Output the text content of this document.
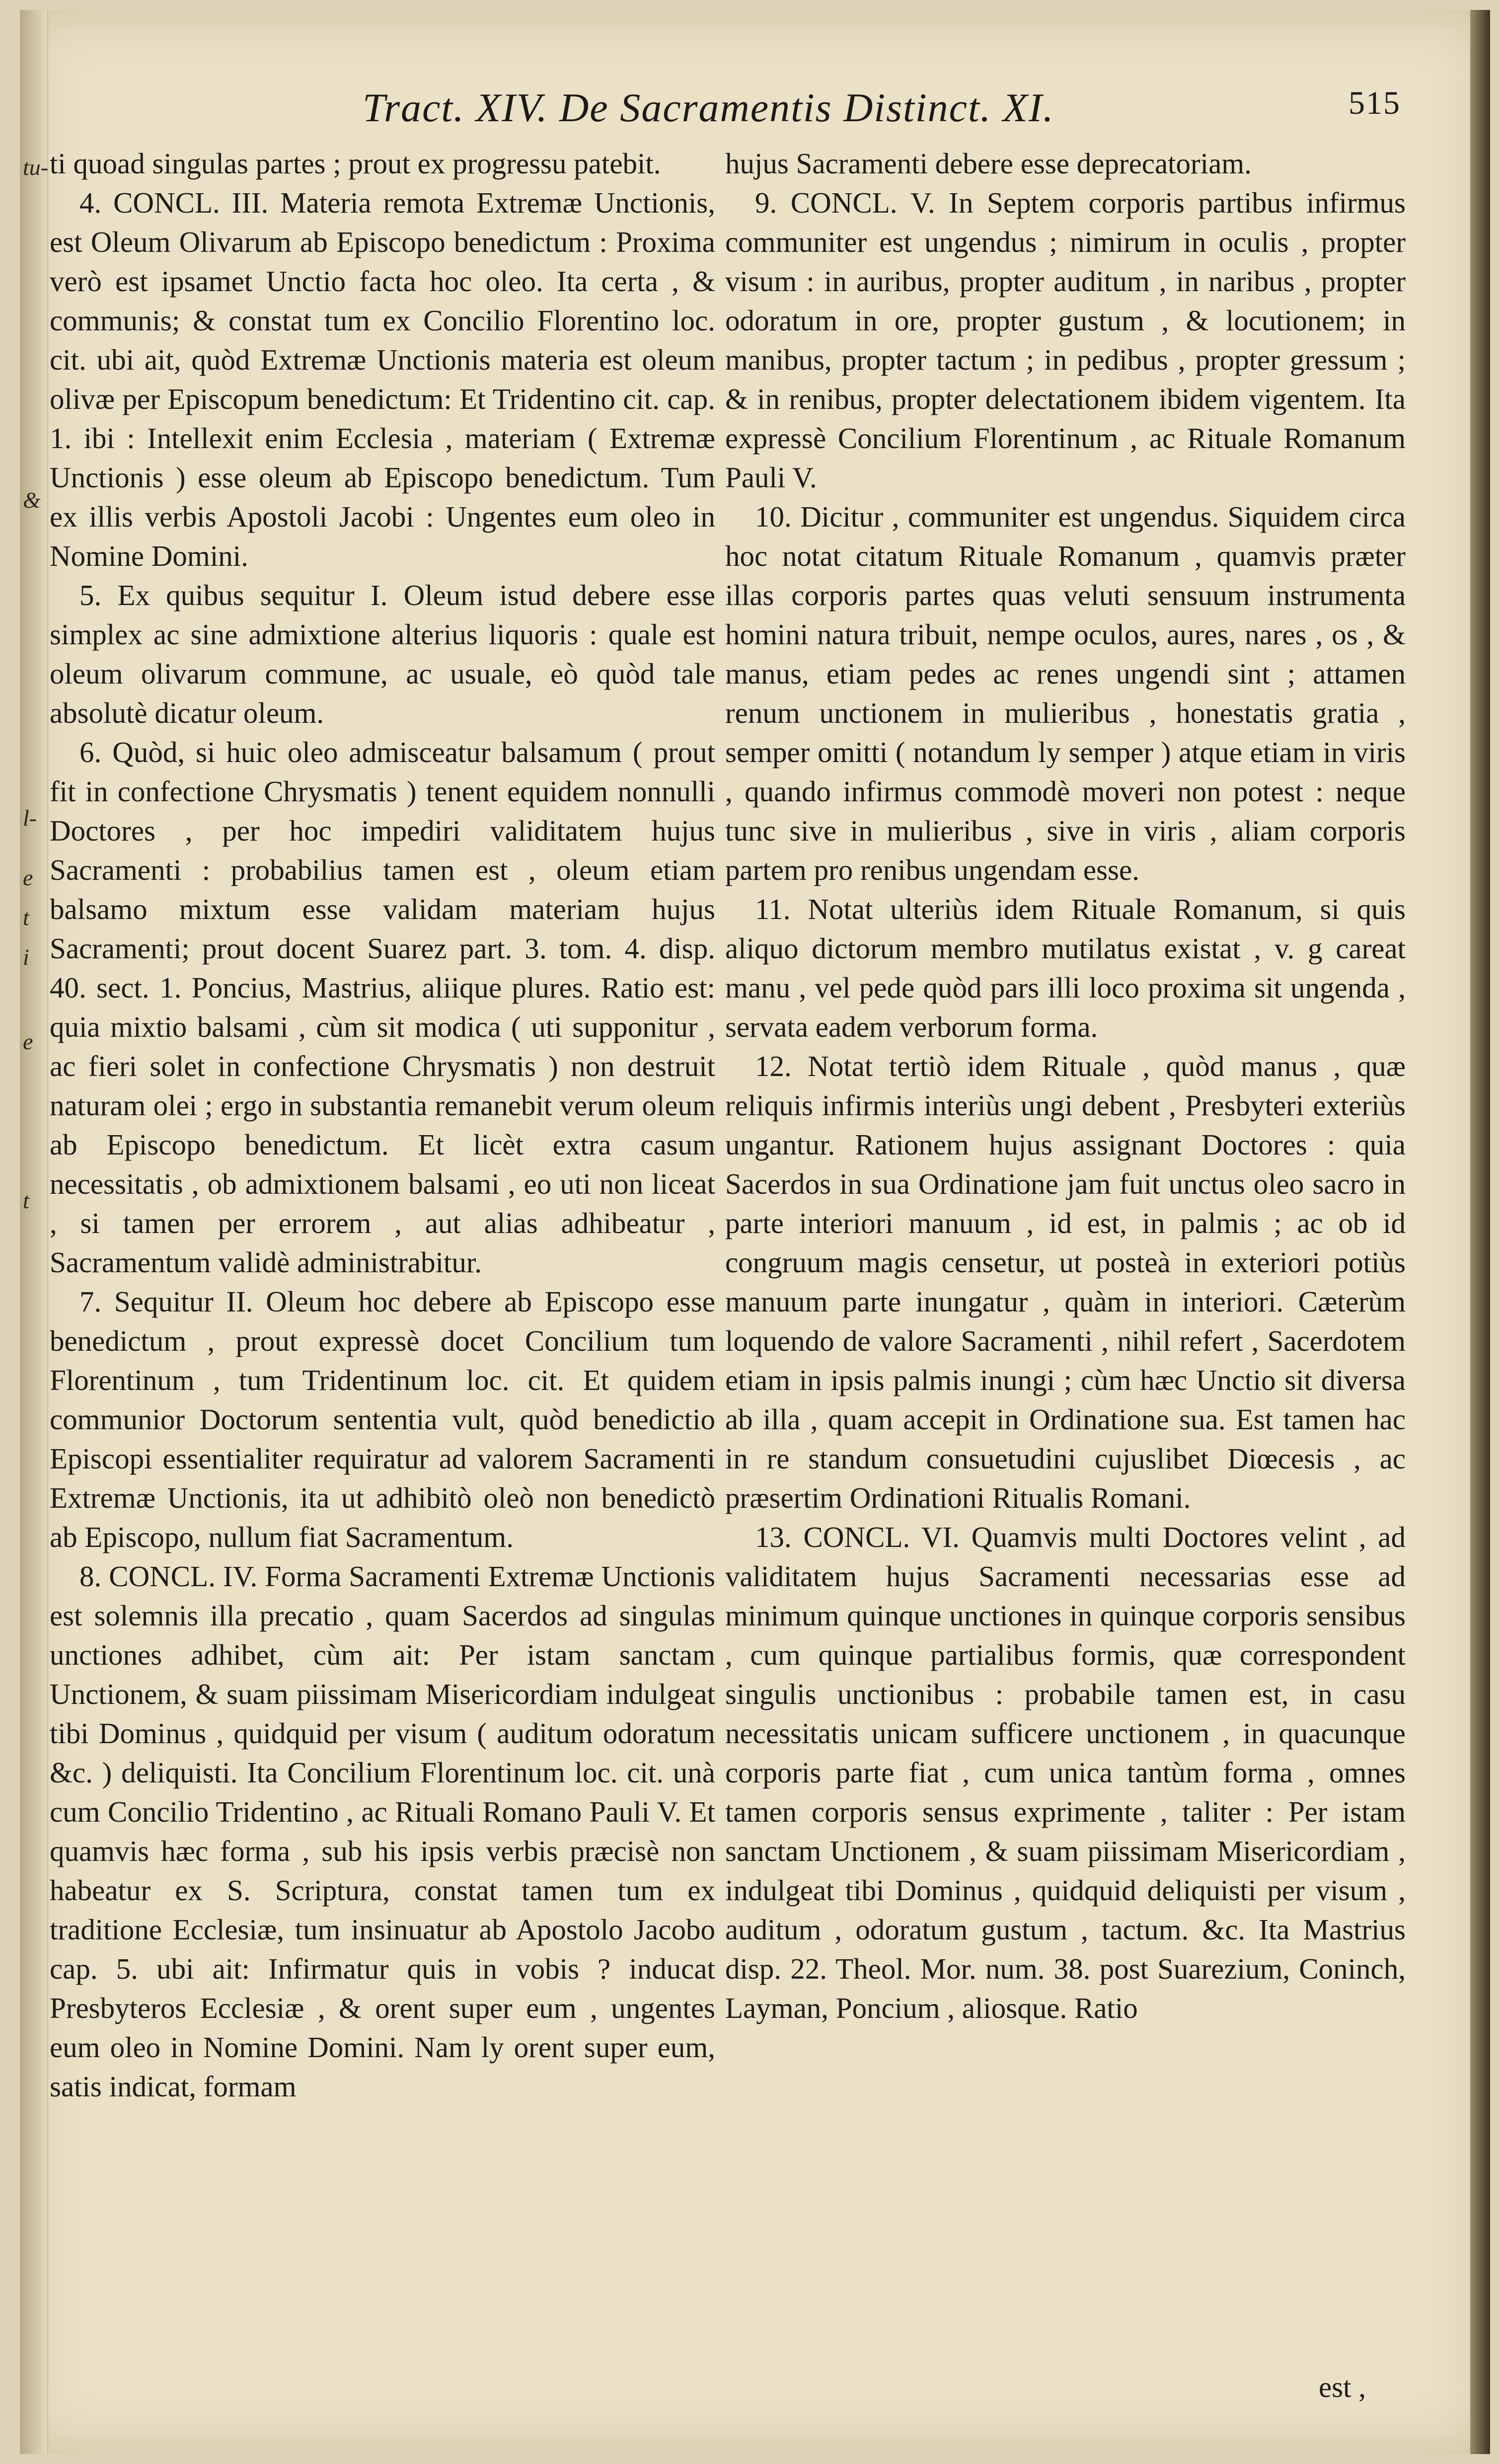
tu-
&
l-
e
t
i
e
t
Tract. XIV. De Sacramentis Distinct. XI.	515

ti quoad singulas partes ; prout ex progressu patebit.

4. CONCL. III. Materia remota Extremæ Unctionis, est Oleum Olivarum ab Episcopo benedictum : Proxima verò est ipsamet Unctio facta hoc oleo. Ita certa , & communis; & constat tum ex Concilio Florentino loc. cit. ubi ait, quòd Extremæ Unctionis materia est oleum olivæ per Episcopum benedictum: Et Tridentino cit. cap. 1. ibi : Intellexit enim Ecclesia , materiam ( Extremæ Unctionis ) esse oleum ab Episcopo benedictum. Tum ex illis verbis Apostoli Jacobi : Ungentes eum oleo in Nomine Domini.

5. Ex quibus sequitur I. Oleum istud debere esse simplex ac sine admixtione alterius liquoris : quale est oleum olivarum commune, ac usuale, eò quòd tale absolutè dicatur oleum.

6. Quòd, si huic oleo admisceatur balsamum ( prout fit in confectione Chrysmatis ) tenent equidem nonnulli Doctores , per hoc impediri validitatem hujus Sacramenti : probabilius tamen est , oleum etiam balsamo mixtum esse validam materiam hujus Sacramenti; prout docent Suarez part. 3. tom. 4. disp. 40. sect. 1. Poncius, Mastrius, aliique plures. Ratio est: quia mixtio balsami , cùm sit modica ( uti supponitur , ac fieri solet in confectione Chrysmatis ) non destruit naturam olei ; ergo in substantia remanebit verum oleum ab Episcopo benedictum. Et licèt extra casum necessitatis , ob admixtionem balsami , eo uti non liceat , si tamen per errorem , aut alias adhibeatur , Sacramentum validè administrabitur.

7. Sequitur II. Oleum hoc debere ab Episcopo esse benedictum , prout expressè docet Concilium tum Florentinum , tum Tridentinum loc. cit. Et quidem communior Doctorum sententia vult, quòd benedictio Episcopi essentialiter requiratur ad valorem Sacramenti Extremæ Unctionis, ita ut adhibitò oleò non benedictò ab Episcopo, nullum fiat Sacramentum.

8. CONCL. IV. Forma Sacramenti Extremæ Unctionis est solemnis illa precatio , quam Sacerdos ad singulas unctiones adhibet, cùm ait: Per istam sanctam Unctionem, & suam piissimam Misericordiam indulgeat tibi Dominus , quidquid per visum ( auditum odoratum &c. ) deliquisti. Ita Concilium Florentinum loc. cit. unà cum Concilio Tridentino , ac Rituali Romano Pauli V. Et quamvis hæc forma , sub his ipsis verbis præcisè non habeatur ex S. Scriptura, constat tamen tum ex traditione Ecclesiæ, tum insinuatur ab Apostolo Jacobo cap. 5. ubi ait: Infirmatur quis in vobis ? inducat Presbyteros Ecclesiæ , & orent super eum , ungentes eum oleo in Nomine Domini. Nam ly orent super eum, satis indicat, formam

hujus Sacramenti debere esse deprecatoriam.

9. CONCL. V. In Septem corporis partibus infirmus communiter est ungendus ; nimirum in oculis , propter visum : in auribus, propter auditum , in naribus , propter odoratum in ore, propter gustum , & locutionem; in manibus, propter tactum ; in pedibus , propter gressum ; & in renibus, propter delectationem ibidem vigentem. Ita expressè Concilium Florentinum , ac Rituale Romanum Pauli V.

10. Dicitur , communiter est ungendus. Siquidem circa hoc notat citatum Rituale Romanum , quamvis præter illas corporis partes quas veluti sensuum instrumenta homini natura tribuit, nempe oculos, aures, nares , os , & manus, etiam pedes ac renes ungendi sint ; attamen renum unctionem in mulieribus , honestatis gratia , semper omitti ( notandum ly semper ) atque etiam in viris , quando infirmus commodè moveri non potest : neque tunc sive in mulieribus , sive in viris , aliam corporis partem pro renibus ungendam esse.

11. Notat ulteriùs idem Rituale Romanum, si quis aliquo dictorum membro mutilatus existat , v. g careat manu , vel pede quòd pars illi loco proxima sit ungenda , servata eadem verborum forma.

12. Notat tertiò idem Rituale , quòd manus , quæ reliquis infirmis interiùs ungi debent , Presbyteri exteriùs ungantur. Rationem hujus assignant Doctores : quia Sacerdos in sua Ordinatione jam fuit unctus oleo sacro in parte interiori manuum , id est, in palmis ; ac ob id congruum magis censetur, ut posteà in exteriori potiùs manuum parte inungatur , quàm in interiori. Cæterùm loquendo de valore Sacramenti , nihil refert , Sacerdotem etiam in ipsis palmis inungi ; cùm hæc Unctio sit diversa ab illa , quam accepit in Ordinatione sua. Est tamen hac in re standum consuetudini cujuslibet Diœcesis , ac præsertim Ordinationi Ritualis Romani.

13. CONCL. VI. Quamvis multi Doctores velint , ad validitatem hujus Sacramenti necessarias esse ad minimum quinque unctiones in quinque corporis sensibus , cum quinque partialibus formis, quæ correspondent singulis unctionibus : probabile tamen est, in casu necessitatis unicam sufficere unctionem , in quacunque corporis parte fiat , cum unica tantùm forma , omnes tamen corporis sensus exprimente , taliter : Per istam sanctam Unctionem , & suam piissimam Misericordiam , indulgeat tibi Dominus , quidquid deliquisti per visum , auditum , odoratum gustum , tactum. &c. Ita Mastrius disp. 22. Theol. Mor. num. 38. post Suarezium, Coninch, Layman, Poncium , aliosque. Ratio

est ,
